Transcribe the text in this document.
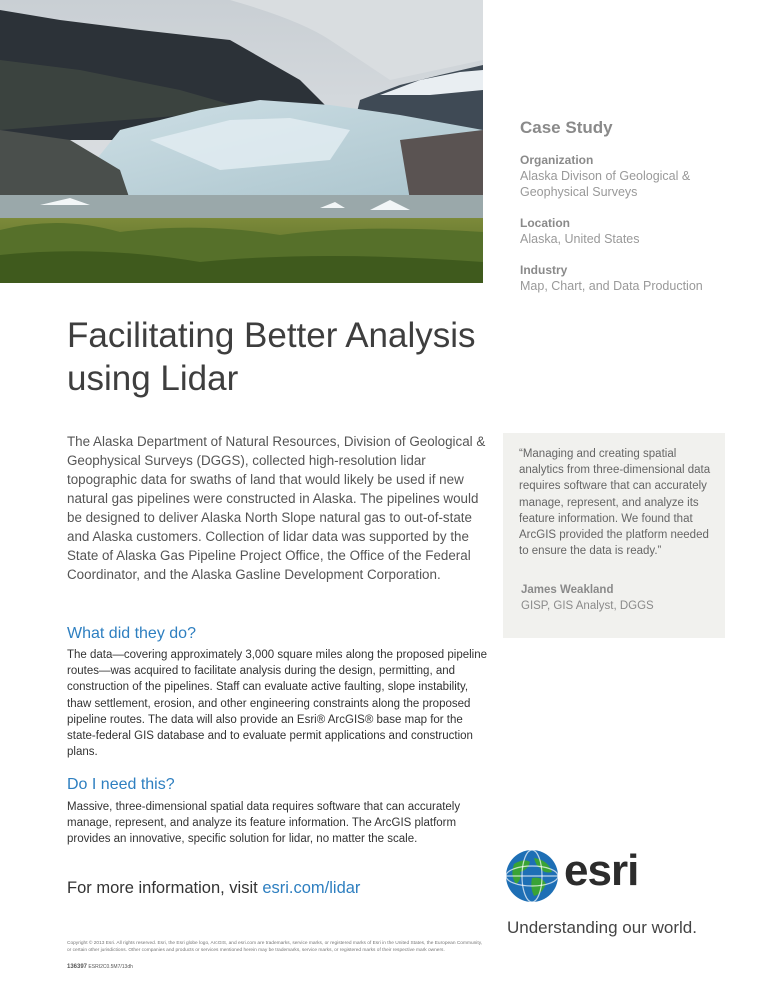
Case Study

Organization

Alaska Divison of Geological & Geophysical Surveys

Location

Alaska, United States

Industry

Map, Chart, and Data Production

Facilitating Better Analysis using Lidar

The Alaska Department of Natural Resources, Division of Geological & Geophysical Surveys (DGGS), collected high-resolution lidar topographic data for swaths of land that would likely be used if new natural gas pipelines were constructed in Alaska. The pipelines would be designed to deliver Alaska North Slope natural gas to out-of-state and Alaska customers. Collection of lidar data was supported by the State of Alaska Gas Pipeline Project Office, the Office of the Federal Coordinator, and the Alaska Gasline Development Corporation.

“Managing and creating spatial analytics from three-dimensional data requires software that can accurately manage, represent, and analyze its feature information. We found that ArcGIS provided the platform needed to ensure the data is ready.”

James Weakland

GISP, GIS Analyst, DGGS

What did they do?

The data—covering approximately 3,000 square miles along the proposed pipeline routes—was acquired to facilitate analysis during the design, permitting, and construction of the pipelines. Staff can evaluate active faulting, slope instability, thaw settlement, erosion, and other engineering constraints along the proposed pipeline routes. The data will also provide an Esri® ArcGIS® base map for the state-federal GIS database and to evaluate permit applications and construction plans.

Do I need this?

Massive, three-dimensional spatial data requires software that can accurately manage, represent, and analyze its feature information. The ArcGIS platform provides an innovative, specific solution for lidar, no matter the scale.

For more information, visit esri.com/lidar	esri

Understanding our world.

Copyright © 2013 Esri. All rights reserved. Esri, the Esri globe logo, ArcGIS, and esri.com are trademarks, service marks, or registered marks of Esri in the United States, the European Community, or certain other jurisdictions. Other companies and products or services mentioned herein may be trademarks, service marks, or registered marks of their respective mark owners.

136397 ESRI2C0.5M7/13dh
